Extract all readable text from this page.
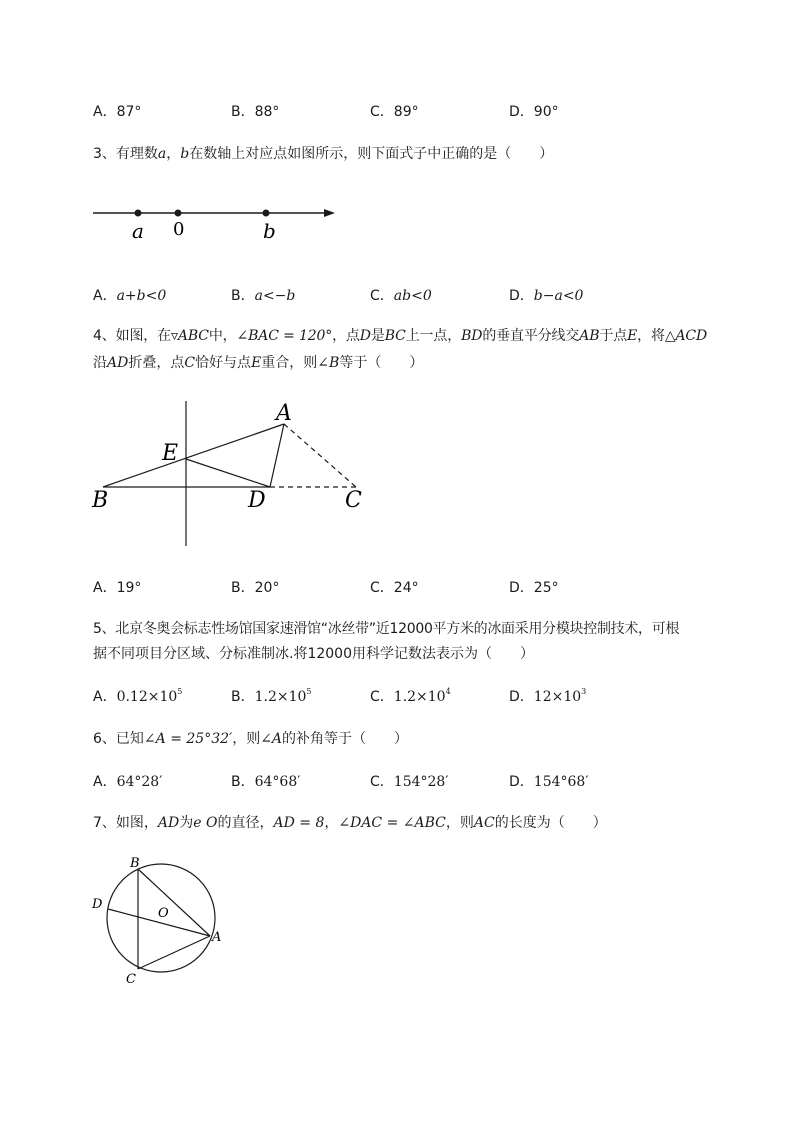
A．87°	B．88°	C．89°	D．90°
3、有理数a，b在数轴上对应点如图所示，则下面式子中正确的是（　　）
a 0	b
A．a+b<0	B．a<−b	C．ab<0	D．b−a<0
4、如图，在▿ABC中，∠BAC = 120°，点D是BC上一点，BD的垂直平分线交AB于点E，将△ACD
沿AD折叠，点C恰好与点E重合，则∠B等于（　　）
A
E
B	D	C
A．19°	B．20°	C．24°	D．25°
5、北京冬奥会标志性场馆国家速滑馆“冰丝带”近12000平方米的冰面采用分模块控制技术，可根
据不同项目分区域、分标准制冰.将12000用科学记数法表示为（　　）
A．$0.12\times 10^5$	B．$1.2\times 10^5$	C．$1.2\times 10^4$	D．$12\times 10^3$
6、已知∠A = 25°32′，则∠A的补角等于（　　）
A．64°28′	B．64°68′	C．154°28′	D．154°68′
7、如图，AD为e O的直径，AD = 8，∠DAC = ∠ABC，则AC的长度为（　　）
B
D
O
A
C
